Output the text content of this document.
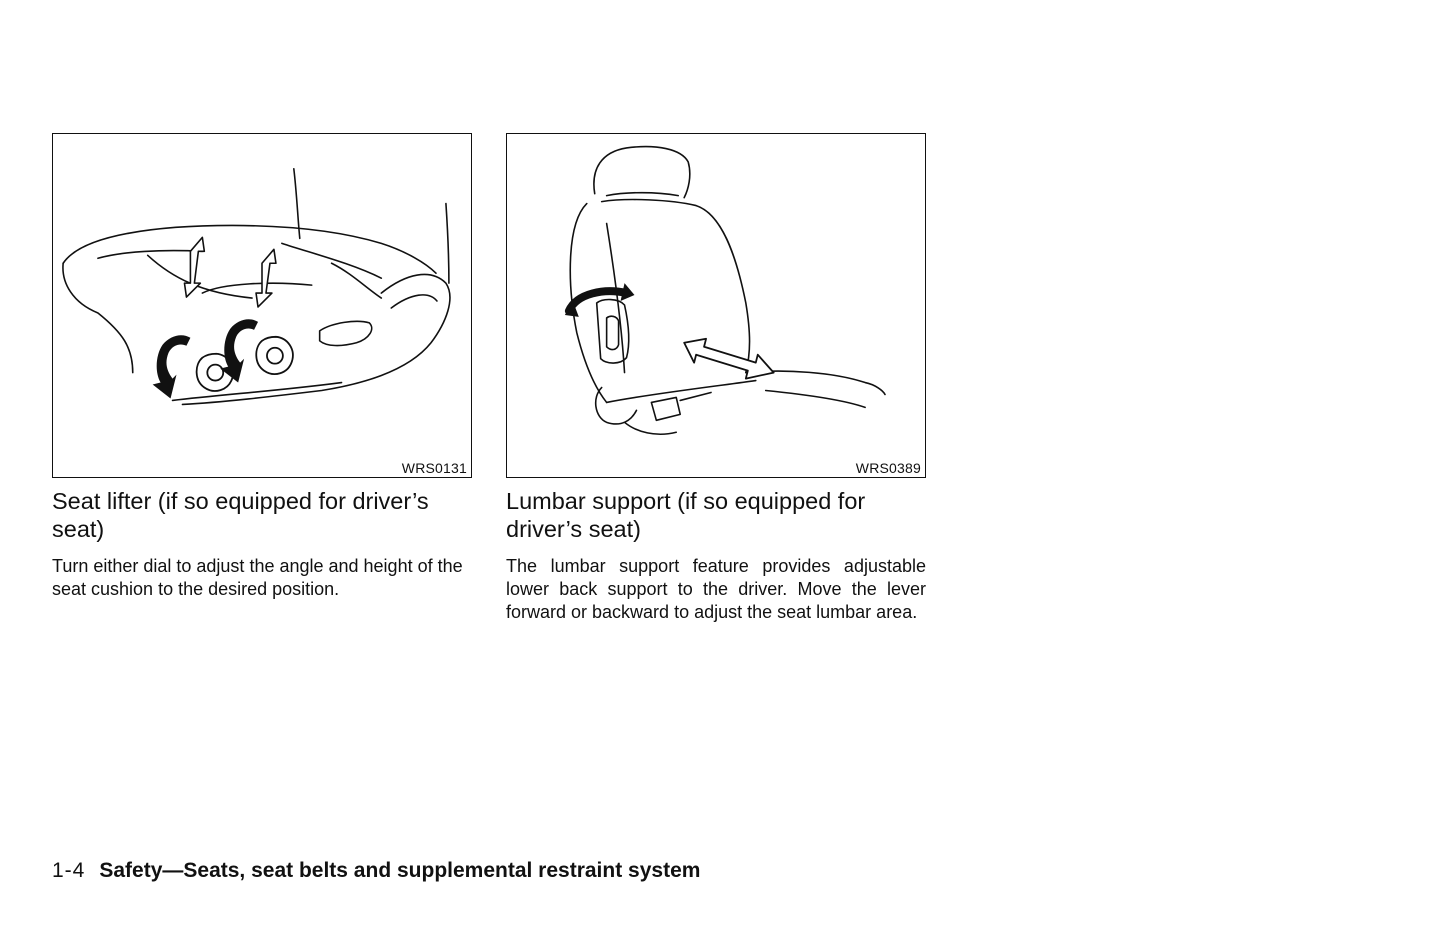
WRS0131	WRS0389
Seat lifter (if so equipped for driver’s seat)

Turn either dial to adjust the angle and height of the seat cushion to the desired position.

Lumbar support (if so equipped for driver’s seat)

The lumbar support feature provides adjustable lower back support to the driver. Move the lever forward or backward to adjust the seat lumbar area.

1-4 Safety—Seats, seat belts and supplemental restraint system
